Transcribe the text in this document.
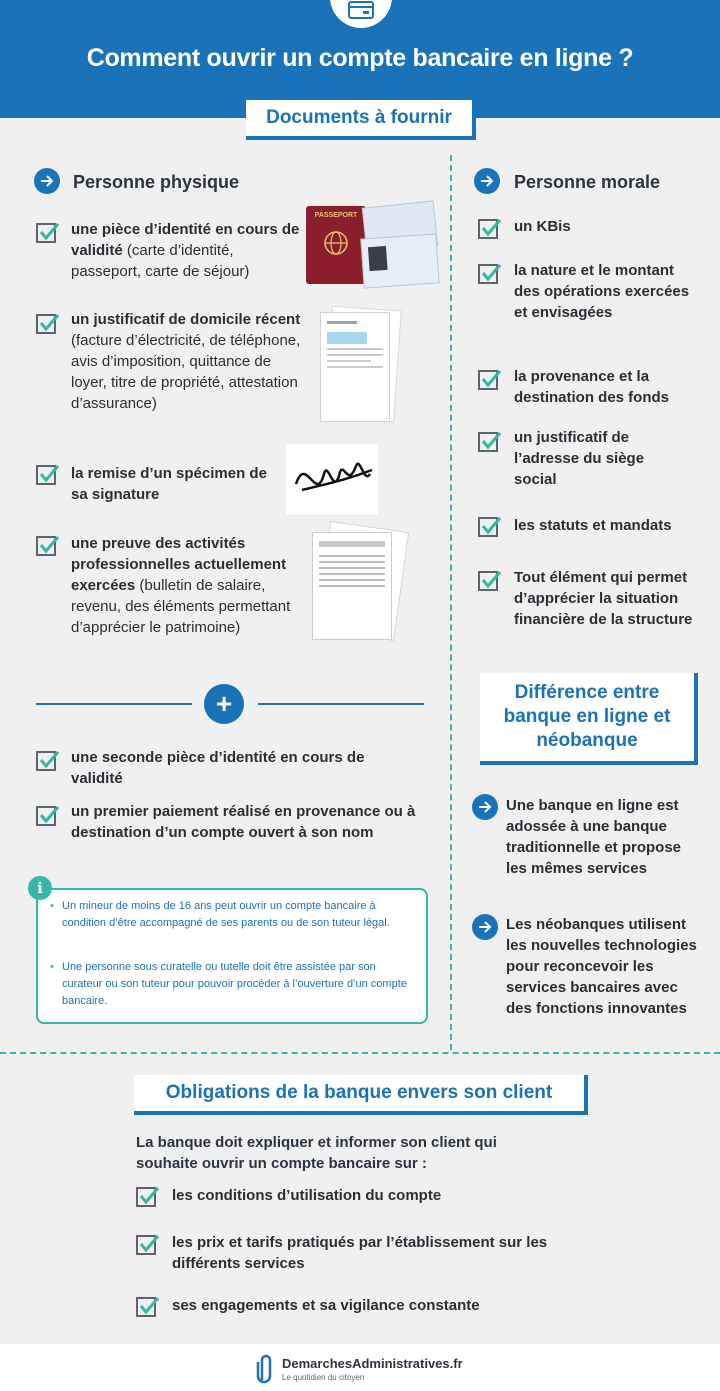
Comment ouvrir un compte bancaire en ligne ?
Documents à fournir
Personne physique
une pièce d’identité en cours de validité (carte d’identité, passeport, carte de séjour)
PASSEPORT
un justificatif de domicile récent (facture d’électricité, de téléphone, avis d’imposition, quittance de loyer, titre de propriété, attestation d’assurance)
la remise d’un spécimen de sa signature
une preuve des activités professionnelles actuellement exercées (bulletin de salaire, revenu, des éléments permettant d’apprécier le patrimoine)
+
une seconde pièce d’identité en cours de validité
un premier paiement réalisé en provenance ou à destination d’un compte ouvert à son nom
i
• Un mineur de moins de 16 ans peut ouvrir un compte bancaire à condition d’être accompagné de ses parents ou de son tuteur légal.
• Une personne sous curatelle ou tutelle doit être assistée par son curateur ou son tuteur pour pouvoir procéder à l’ouverture d’un compte bancaire.
Personne morale
un KBis
la nature et le montant des opérations exercées et envisagées
la provenance et la destination des fonds
un justificatif de l’adresse du siège social
les statuts et mandats
Tout élément qui permet d’apprécier la situation financière de la structure
Différence entre banque en ligne et néobanque
Une banque en ligne est adossée à une banque traditionnelle et propose les mêmes services
Les néobanques utilisent les nouvelles technologies pour reconcevoir les services bancaires avec des fonctions innovantes
Obligations de la banque envers son client
La banque doit expliquer et informer son client qui souhaite ouvrir un compte bancaire sur :
les conditions d’utilisation du compte
les prix et tarifs pratiqués par l’établissement sur les différents services
ses engagements et sa vigilance constante
DemarchesAdministratives.fr
Le quotidien du citoyen
